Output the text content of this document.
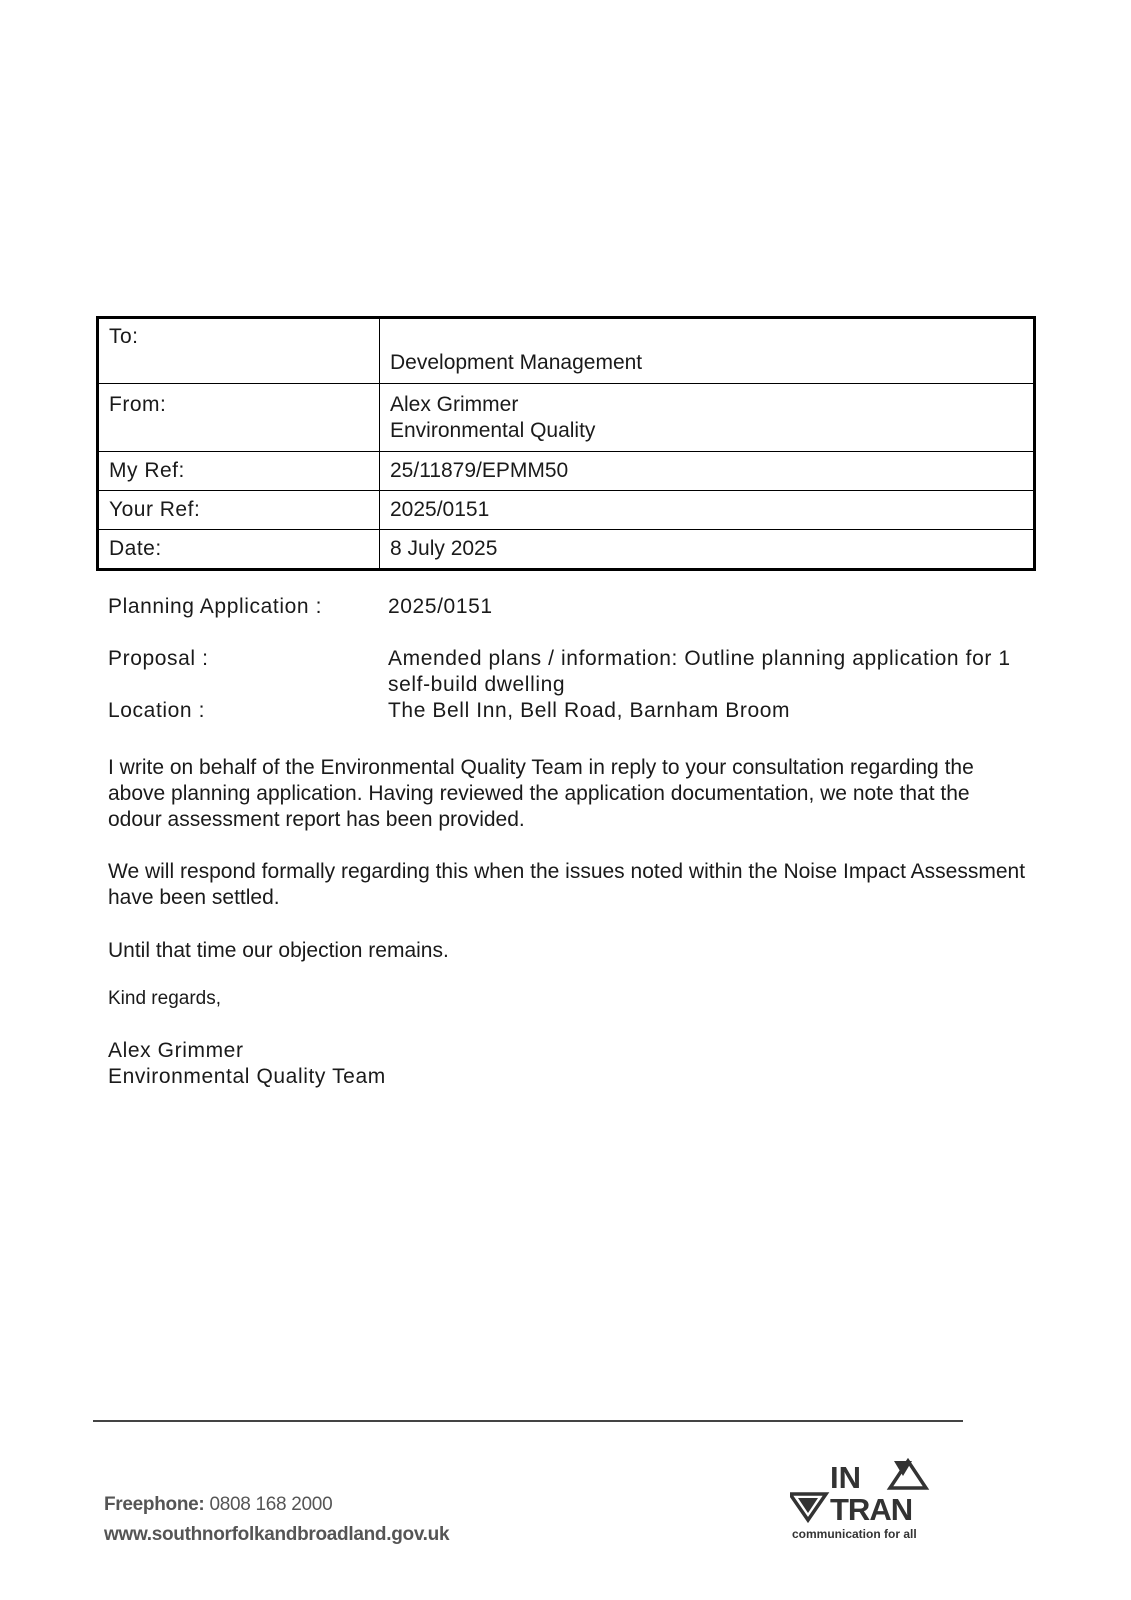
To:	Development Management
From:	Alex Grimmer
Environmental Quality

My Ref:	25/11879/EPMM50
Your Ref:	2025/0151
Date:	8 July 2025
Planning Application :	2025/0151
Proposal :	Amended plans / information: Outline planning application for 1 self-build dwelling
Location :	The Bell Inn, Bell Road, Barnham Broom

I write on behalf of the Environmental Quality Team in reply to your consultation regarding the above planning application. Having reviewed the application documentation, we note that the odour assessment report has been provided.

We will respond formally regarding this when the issues noted within the Noise Impact Assessment have been settled.

Until that time our objection remains.

Kind regards,

Alex Grimmer
Environmental Quality Team
Freephone: 0808 168 2000
www.southnorfolkandbroadland.gov.uk
IN
TRAN
communication for all
